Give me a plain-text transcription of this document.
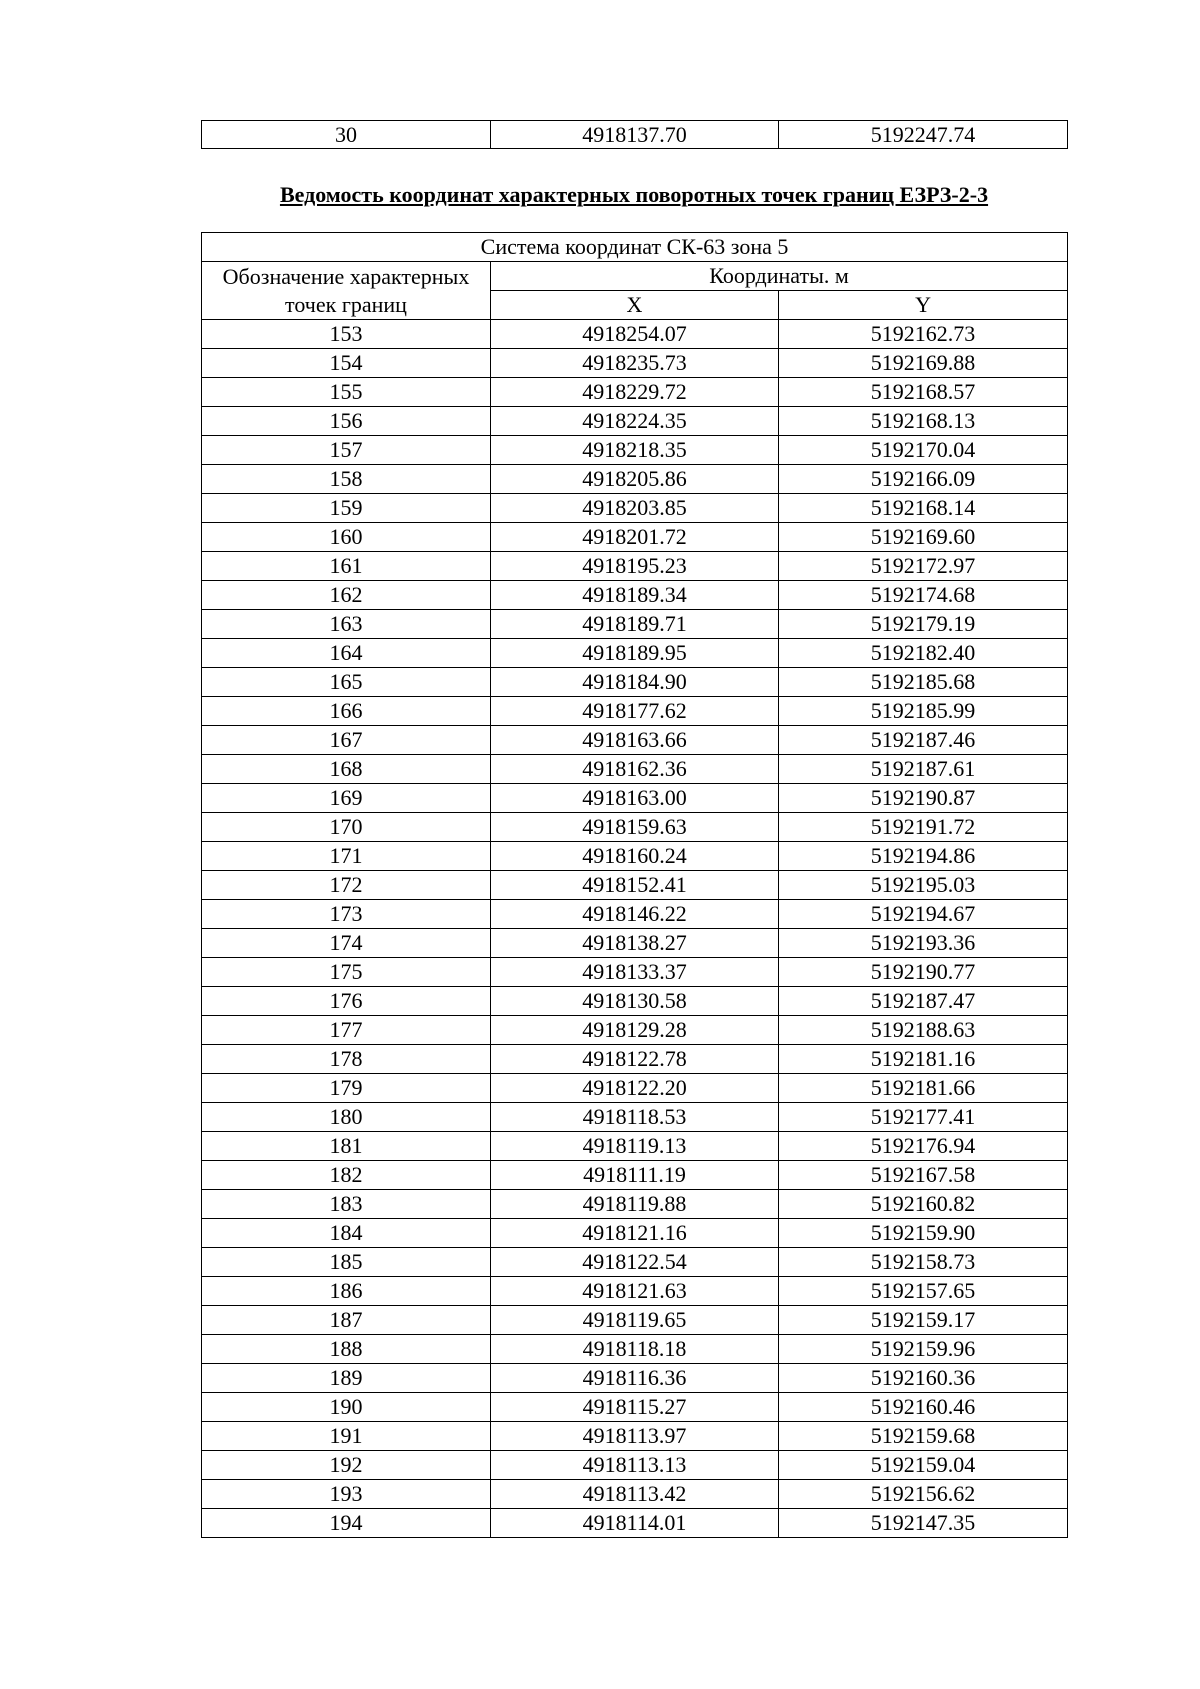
30	4918137.70	5192247.74
Ведомость координат характерных поворотных точек границ ЕЗРЗ-2-3
Система координат СК-63 зона 5		
Обозначение характерных
точек границ	Координаты. м	
	X	Y
153	4918254.07	5192162.73
154	4918235.73	5192169.88
155	4918229.72	5192168.57
156	4918224.35	5192168.13
157	4918218.35	5192170.04
158	4918205.86	5192166.09
159	4918203.85	5192168.14
160	4918201.72	5192169.60
161	4918195.23	5192172.97
162	4918189.34	5192174.68
163	4918189.71	5192179.19
164	4918189.95	5192182.40
165	4918184.90	5192185.68
166	4918177.62	5192185.99
167	4918163.66	5192187.46
168	4918162.36	5192187.61
169	4918163.00	5192190.87
170	4918159.63	5192191.72
171	4918160.24	5192194.86
172	4918152.41	5192195.03
173	4918146.22	5192194.67
174	4918138.27	5192193.36
175	4918133.37	5192190.77
176	4918130.58	5192187.47
177	4918129.28	5192188.63
178	4918122.78	5192181.16
179	4918122.20	5192181.66
180	4918118.53	5192177.41
181	4918119.13	5192176.94
182	4918111.19	5192167.58
183	4918119.88	5192160.82
184	4918121.16	5192159.90
185	4918122.54	5192158.73
186	4918121.63	5192157.65
187	4918119.65	5192159.17
188	4918118.18	5192159.96
189	4918116.36	5192160.36
190	4918115.27	5192160.46
191	4918113.97	5192159.68
192	4918113.13	5192159.04
193	4918113.42	5192156.62
194	4918114.01	5192147.35
